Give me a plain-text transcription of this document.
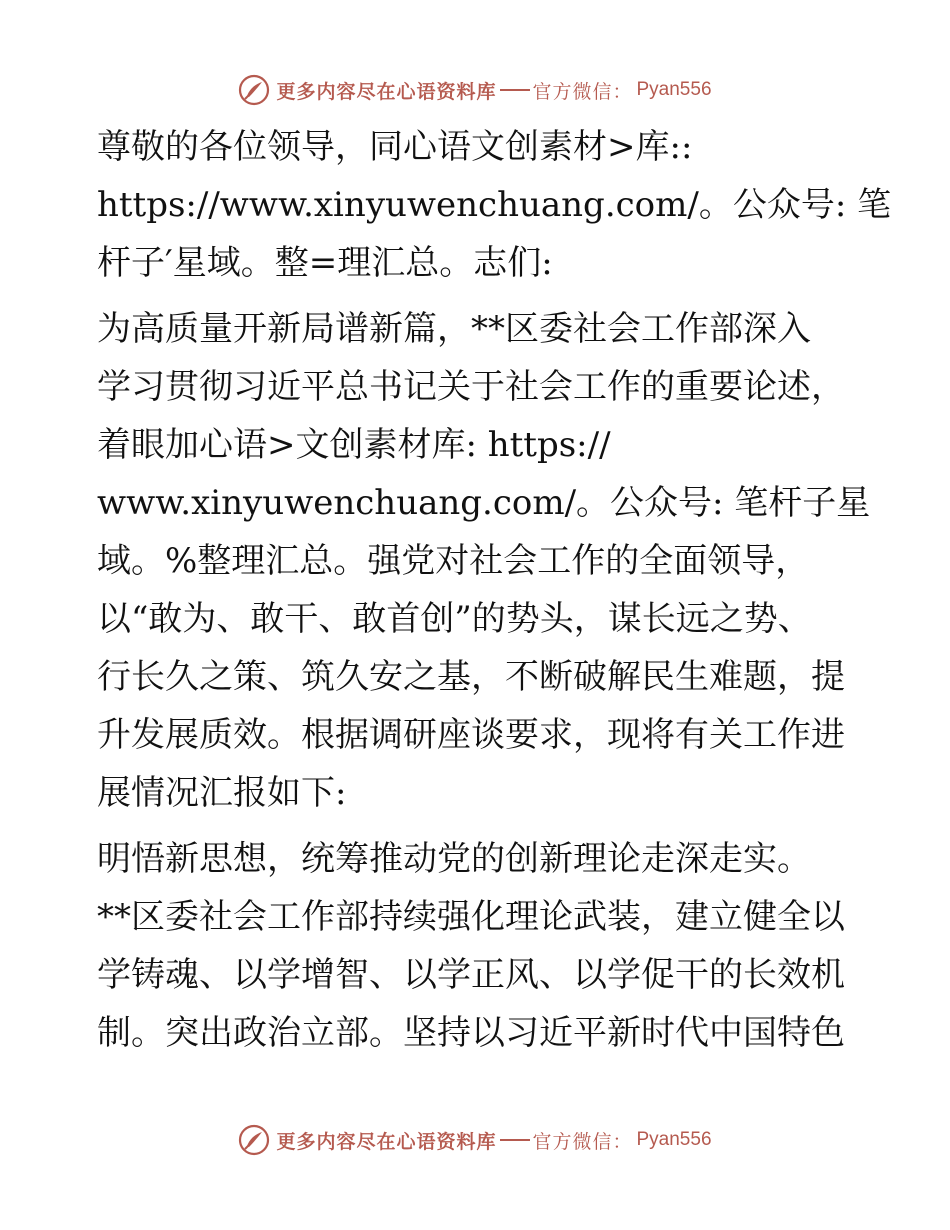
更多内容尽在心语资料库 官方微信： Pyan556
尊敬的各位领导，同心语文创素材>库::
https://www.xinyuwenchuang.com/。公众号: 笔
杆子′星域。整=理汇总。志们:
为高质量开新局谱新篇，**区委社会工作部深入
学习贯彻习近平总书记关于社会工作的重要论述，
着眼加心语>文创素材库: https://
www.xinyuwenchuang.com/。公众号: 笔杆子星
域。%整理汇总。强党对社会工作的全面领导，
以“敢为、敢干、敢首创”的势头，谋长远之势、
行长久之策、筑久安之基，不断破解民生难题，提
升发展质效。根据调研座谈要求，现将有关工作进
展情况汇报如下:
明悟新思想，统筹推动党的创新理论走深走实。
**区委社会工作部持续强化理论武装，建立健全以
学铸魂、以学增智、以学正风、以学促干的长效机
制。突出政治立部。坚持以习近平新时代中国特色
更多内容尽在心语资料库 官方微信： Pyan556
